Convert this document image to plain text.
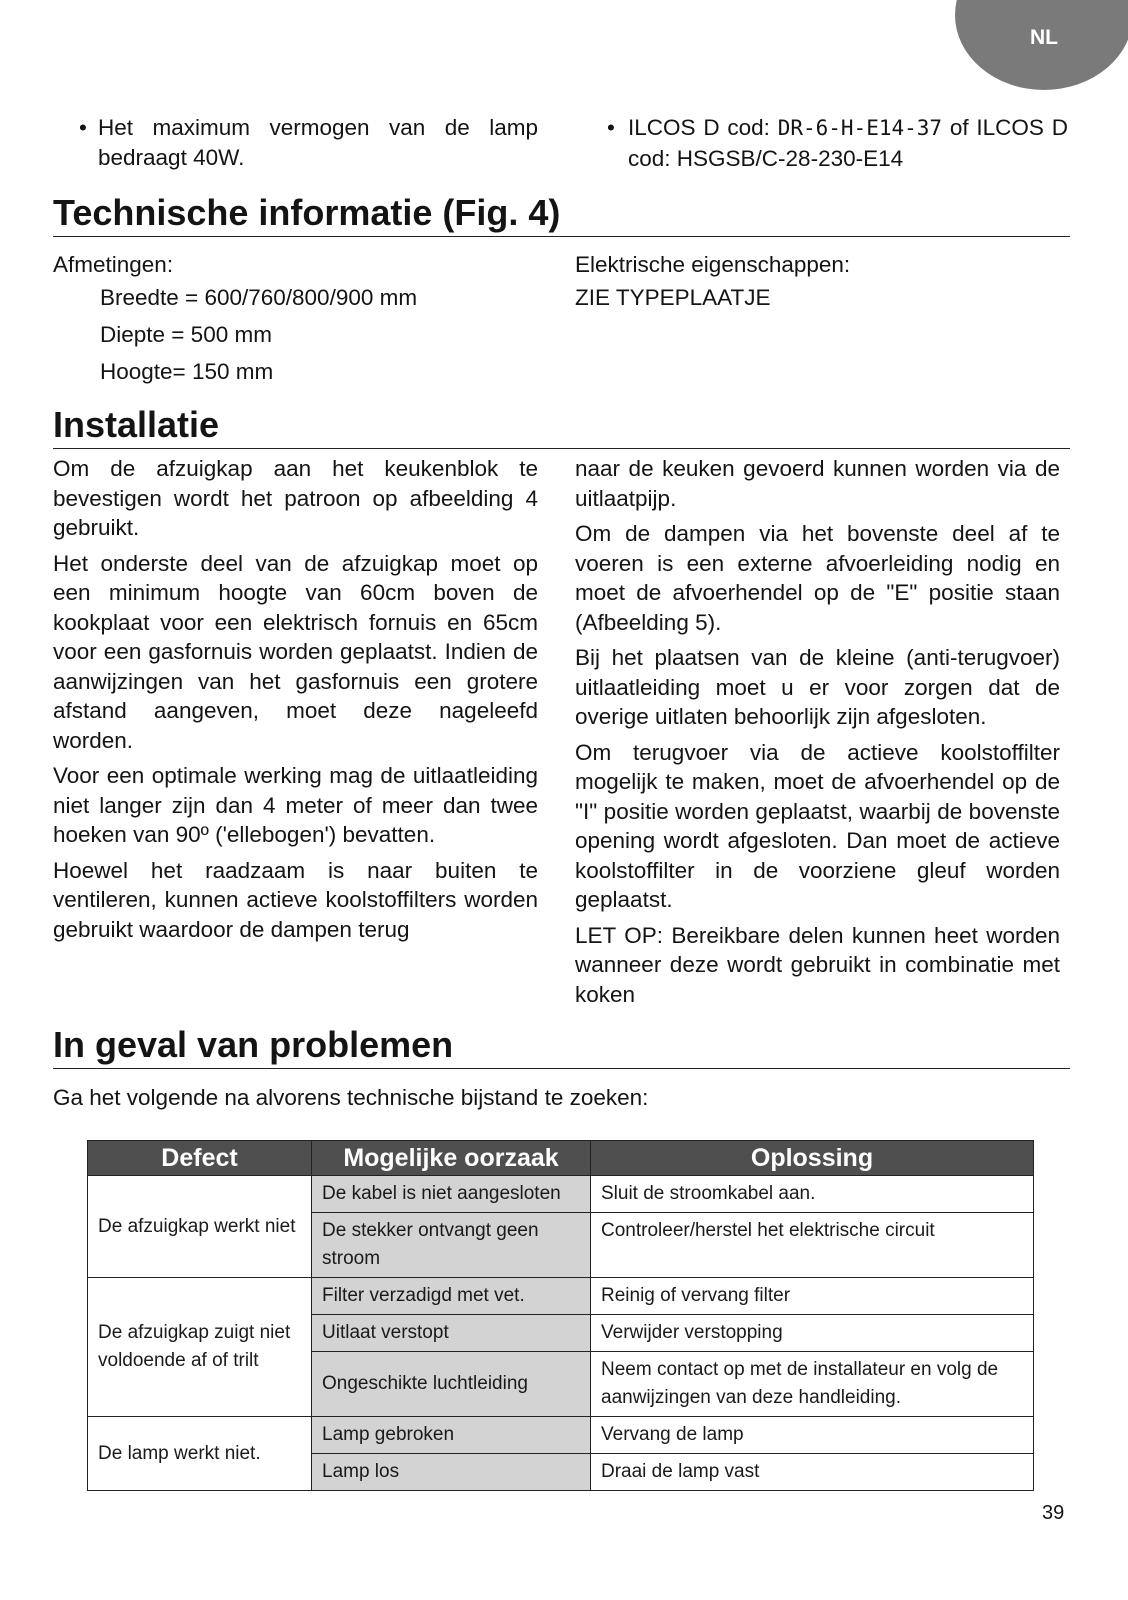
NL
• Het maximum vermogen van de lamp bedraagt 40W.
• ILCOS D cod: DR-6-H-E14-37 of ILCOS D cod: HSGSB/C-28-230-E14
Technische informatie (Fig. 4)
Afmetingen:
Breedte = 600/760/800/900 mm
Diepte = 500 mm
Hoogte= 150 mm
Elektrische eigenschappen:
ZIE TYPEPLAATJE
Installatie

Om de afzuigkap aan het keukenblok te bevestigen wordt het patroon op afbeelding 4 gebruikt.

Het onderste deel van de afzuigkap moet op een minimum hoogte van 60cm boven de kookplaat voor een elektrisch fornuis en 65cm voor een gasfornuis worden geplaatst. Indien de aanwijzingen van het gasfornuis een grotere afstand aangeven, moet deze nageleefd worden.

Voor een optimale werking mag de uitlaatleiding niet langer zijn dan 4 meter of meer dan twee hoeken van 90º ('ellebogen') bevatten.

Hoewel het raadzaam is naar buiten te ventileren, kunnen actieve koolstoffilters worden gebruikt waardoor de dampen terug

naar de keuken gevoerd kunnen worden via de uitlaatpijp.

Om de dampen via het bovenste deel af te voeren is een externe afvoerleiding nodig en moet de afvoerhendel op de "E" positie staan (Afbeelding 5).

Bij het plaatsen van de kleine (anti-terugvoer) uitlaatleiding moet u er voor zorgen dat de overige uitlaten behoorlijk zijn afgesloten.

Om terugvoer via de actieve koolstoffilter mogelijk te maken, moet de afvoerhendel op de "I" positie worden geplaatst, waarbij de bovenste opening wordt afgesloten. Dan moet de actieve koolstoffilter in de voorziene gleuf worden geplaatst.

LET OP: Bereikbare delen kunnen heet worden wanneer deze wordt gebruikt in combinatie met koken

In geval van problemen
Ga het volgende na alvorens technische bijstand te zoeken:
Defect	Mogelijke oorzaak	Oplossing
De afzuigkap werkt niet	De kabel is niet aangesloten	Sluit de stroomkabel aan.
	De stekker ontvangt geen stroom	Controleer/herstel het elektrische circuit
De afzuigkap zuigt niet voldoende af of trilt	Filter verzadigd met vet.	Reinig of vervang filter
	Uitlaat verstopt	Verwijder verstopping
	Ongeschikte luchtleiding	Neem contact op met de installateur en volg de aanwijzingen van deze handleiding.
De lamp werkt niet.	Lamp gebroken	Vervang de lamp
	Lamp los	Draai de lamp vast
39
